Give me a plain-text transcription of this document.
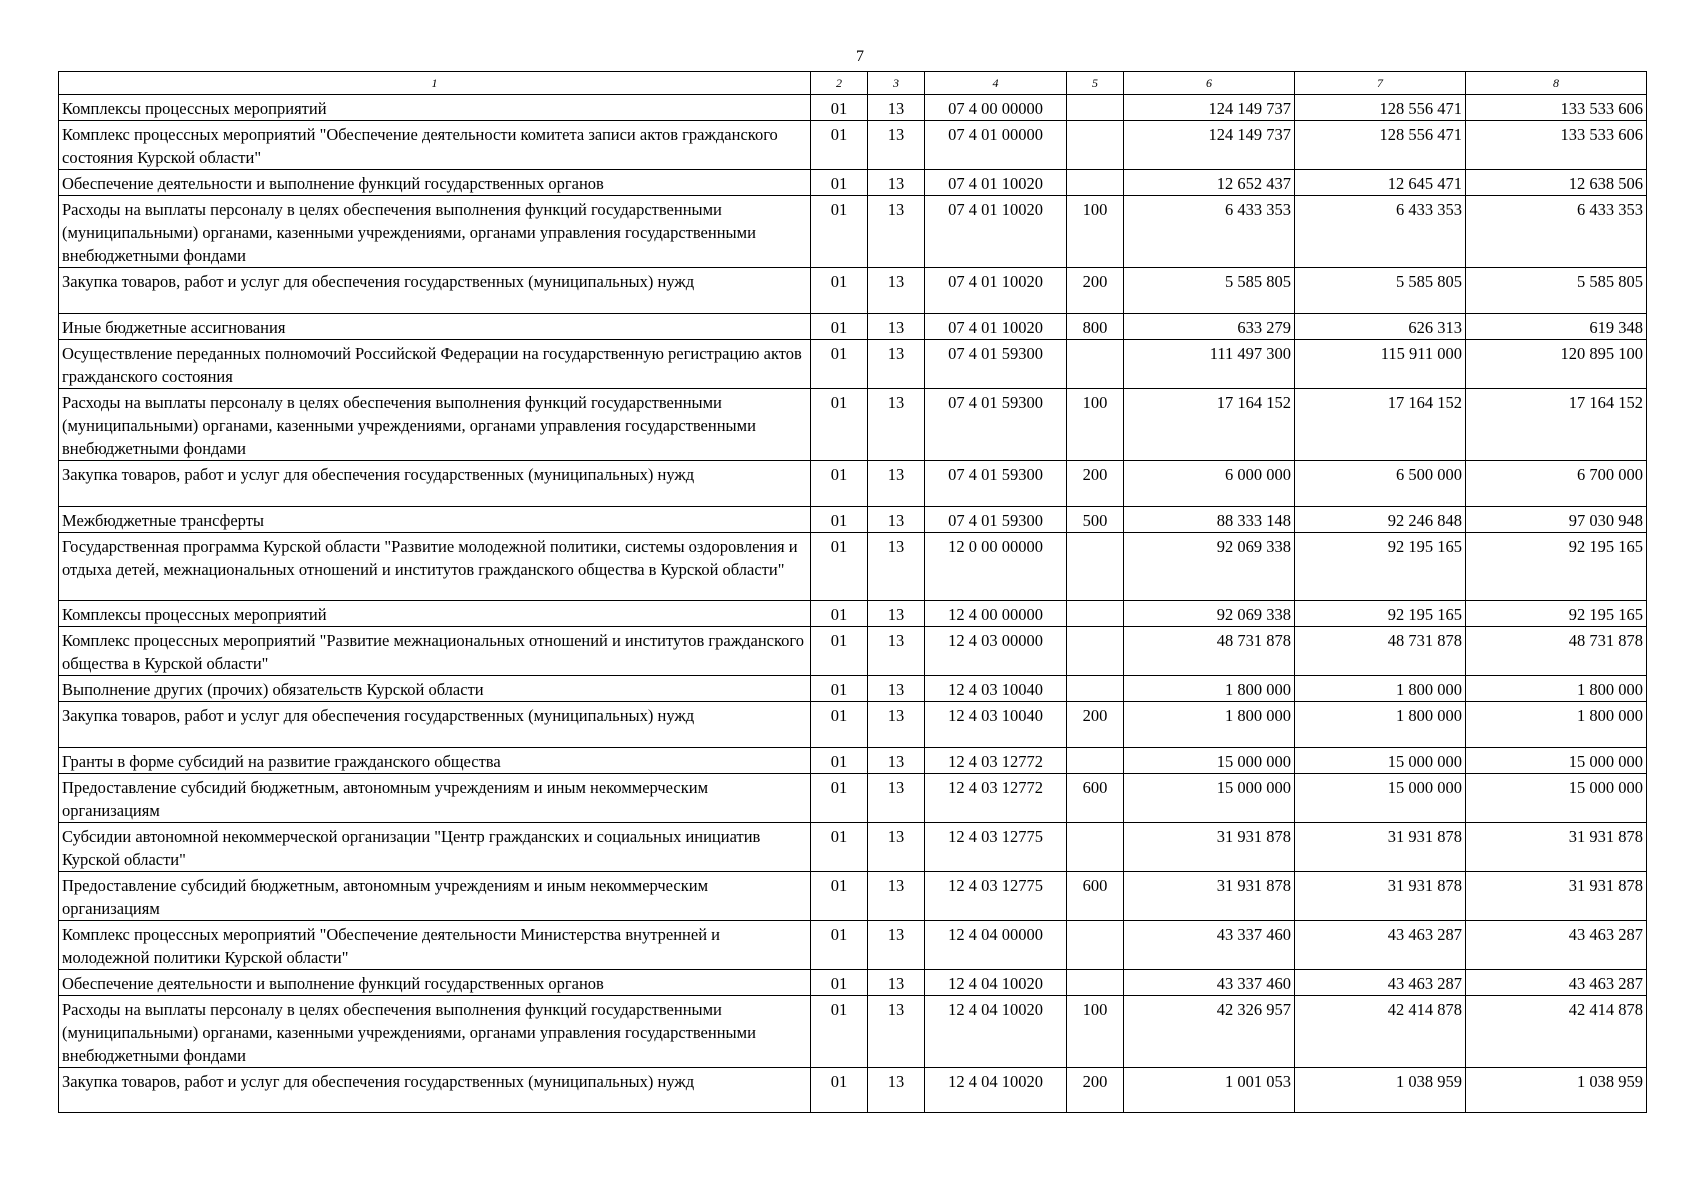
7
1	2	3	4	5	6	7	8
Комплексы процессных мероприятий	01	13	07 4 00 00000		124 149 737	128 556 471	133 533 606
Комплекс процессных мероприятий "Обеспечение деятельности комитета записи актов гражданского состояния Курской области"	01	13	07 4 01 00000		124 149 737	128 556 471	133 533 606
Обеспечение деятельности и выполнение функций государственных органов	01	13	07 4 01 10020		12 652 437	12 645 471	12 638 506
Расходы на выплаты персоналу в целях обеспечения выполнения функций государственными (муниципальными) органами, казенными учреждениями, органами управления государственными внебюджетными фондами	01	13	07 4 01 10020	100	6 433 353	6 433 353	6 433 353
Закупка товаров, работ и услуг для обеспечения государственных (муниципальных) нужд	01	13	07 4 01 10020	200	5 585 805	5 585 805	5 585 805
Иные бюджетные ассигнования	01	13	07 4 01 10020	800	633 279	626 313	619 348
Осуществление переданных полномочий Российской Федерации на государственную регистрацию актов гражданского состояния	01	13	07 4 01 59300		111 497 300	115 911 000	120 895 100
Расходы на выплаты персоналу в целях обеспечения выполнения функций государственными (муниципальными) органами, казенными учреждениями, органами управления государственными внебюджетными фондами	01	13	07 4 01 59300	100	17 164 152	17 164 152	17 164 152
Закупка товаров, работ и услуг для обеспечения государственных (муниципальных) нужд	01	13	07 4 01 59300	200	6 000 000	6 500 000	6 700 000
Межбюджетные трансферты	01	13	07 4 01 59300	500	88 333 148	92 246 848	97 030 948
Государственная программа Курской области "Развитие молодежной политики, системы оздоровления и отдыха детей, межнациональных отношений и институтов гражданского общества в Курской области"	01	13	12 0 00 00000		92 069 338	92 195 165	92 195 165
Комплексы процессных мероприятий	01	13	12 4 00 00000		92 069 338	92 195 165	92 195 165
Комплекс процессных мероприятий "Развитие межнациональных отношений и институтов гражданского общества в Курской области"	01	13	12 4 03 00000		48 731 878	48 731 878	48 731 878
Выполнение других (прочих) обязательств Курской области	01	13	12 4 03 10040		1 800 000	1 800 000	1 800 000
Закупка товаров, работ и услуг для обеспечения государственных (муниципальных) нужд	01	13	12 4 03 10040	200	1 800 000	1 800 000	1 800 000
Гранты в форме субсидий на развитие гражданского общества	01	13	12 4 03 12772		15 000 000	15 000 000	15 000 000
Предоставление субсидий бюджетным, автономным учреждениям и иным некоммерческим организациям	01	13	12 4 03 12772	600	15 000 000	15 000 000	15 000 000
Субсидии автономной некоммерческой организации "Центр гражданских и социальных инициатив Курской области"	01	13	12 4 03 12775		31 931 878	31 931 878	31 931 878
Предоставление субсидий бюджетным, автономным учреждениям и иным некоммерческим организациям	01	13	12 4 03 12775	600	31 931 878	31 931 878	31 931 878
Комплекс процессных мероприятий "Обеспечение деятельности Министерства внутренней и молодежной политики Курской области"	01	13	12 4 04 00000		43 337 460	43 463 287	43 463 287
Обеспечение деятельности и выполнение функций государственных органов	01	13	12 4 04 10020		43 337 460	43 463 287	43 463 287
Расходы на выплаты персоналу в целях обеспечения выполнения функций государственными (муниципальными) органами, казенными учреждениями, органами управления государственными внебюджетными фондами	01	13	12 4 04 10020	100	42 326 957	42 414 878	42 414 878
Закупка товаров, работ и услуг для обеспечения государственных (муниципальных) нужд	01	13	12 4 04 10020	200	1 001 053	1 038 959	1 038 959
